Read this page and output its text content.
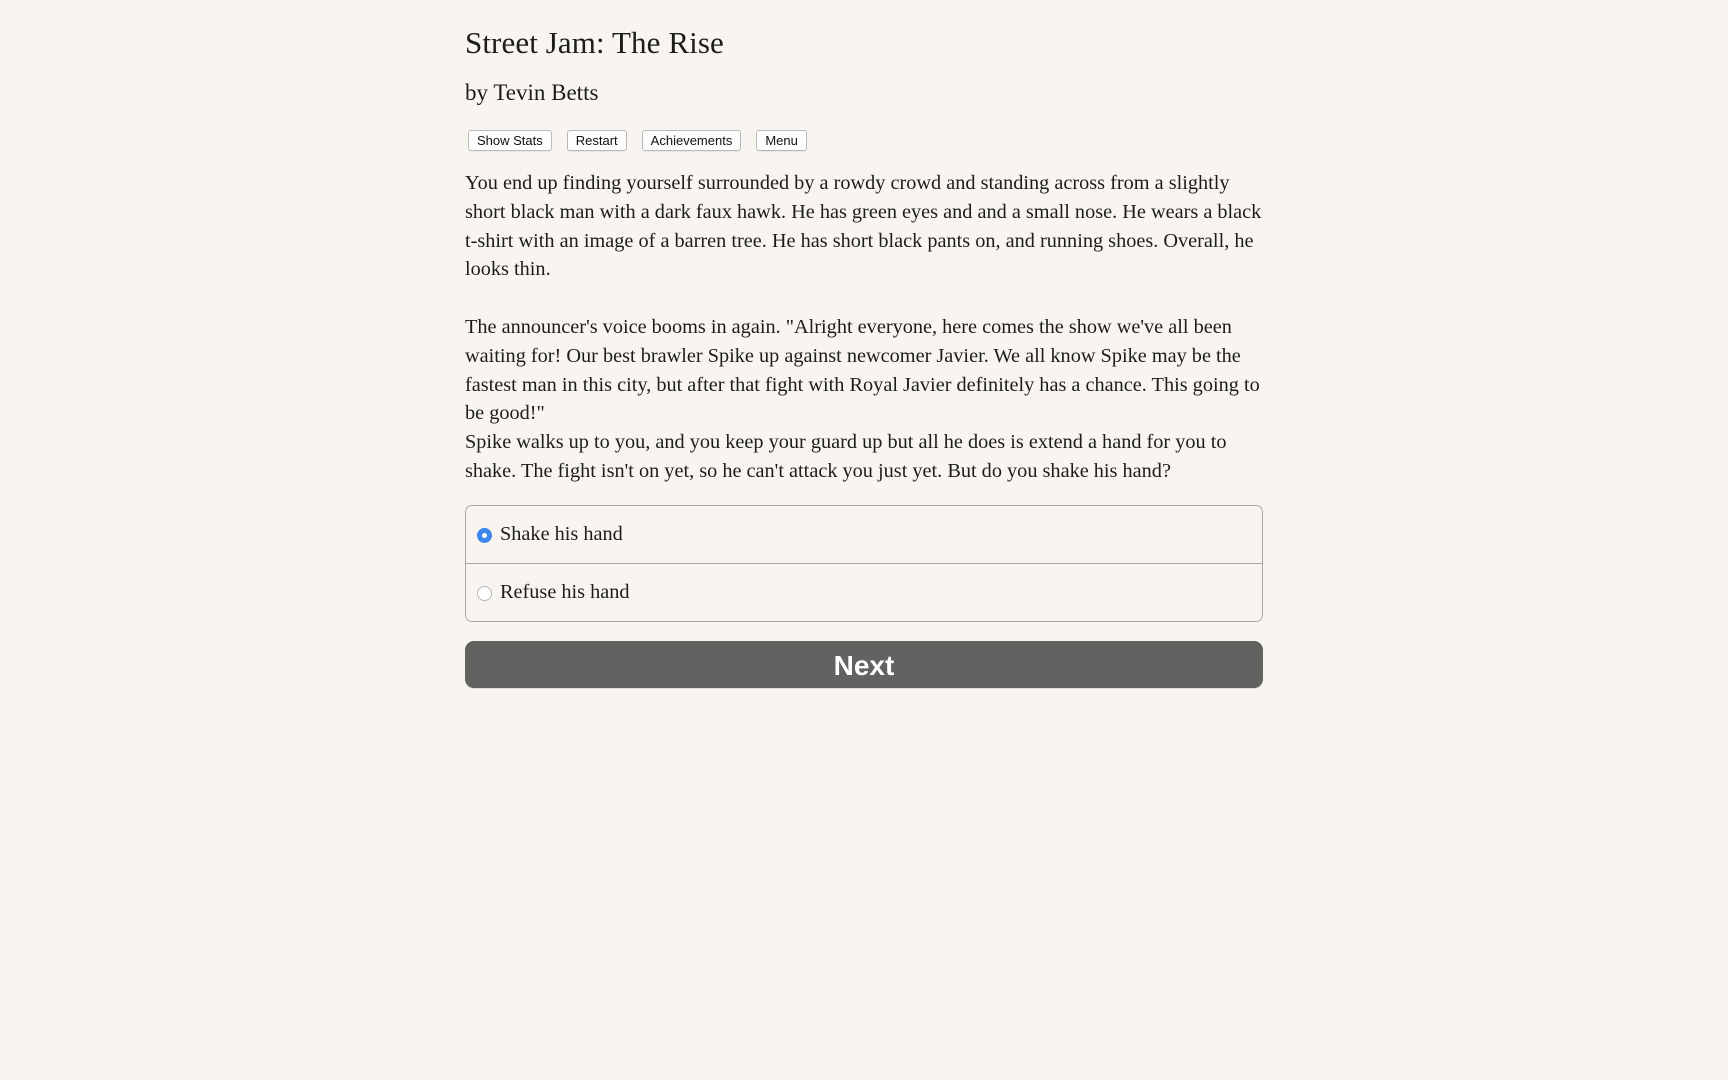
Street Jam: The Rise
by Tevin Betts
Show Stats	Restart	Achievements	Menu

You end up finding yourself surrounded by a rowdy crowd and standing across from a slightly short black man with a dark faux hawk. He has green eyes and and a small nose. He wears a black t-shirt with an image of a barren tree. He has short black pants on, and running shoes. Overall, he looks thin.

The announcer's voice booms in again. "Alright everyone, here comes the show we've all been waiting for! Our best brawler Spike up against newcomer Javier. We all know Spike may be the fastest man in this city, but after that fight with Royal Javier definitely has a chance. This going to be good!"

Spike walks up to you, and you keep your guard up but all he does is extend a hand for you to shake. The fight isn't on yet, so he can't attack you just yet. But do you shake his hand?

Shake his hand
Refuse his hand
Next
